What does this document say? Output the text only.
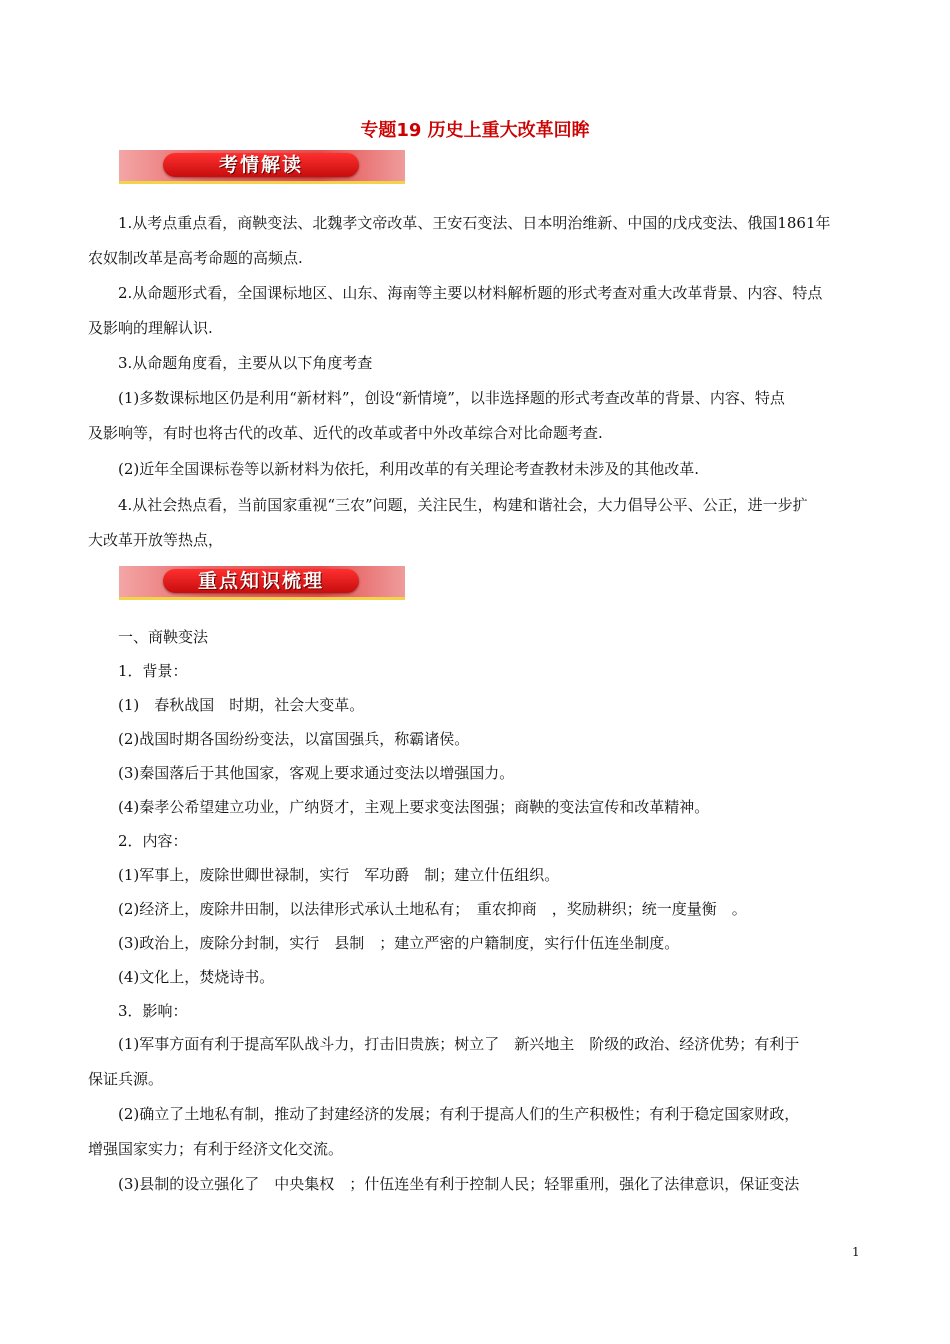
专题19 历史上重大改革回眸
考情解读
1.从考点重点看，商鞅变法、北魏孝文帝改革、王安石变法、日本明治维新、中国的戊戌变法、俄国1861年
农奴制改革是高考命题的高频点.
2.从命题形式看，全国课标地区、山东、海南等主要以材料解析题的形式考查对重大改革背景、内容、特点
及影响的理解认识.
3.从命题角度看，主要从以下角度考查
(1)多数课标地区仍是利用“新材料”，创设“新情境”，以非选择题的形式考查改革的背景、内容、特点
及影响等，有时也将古代的改革、近代的改革或者中外改革综合对比命题考查.
(2)近年全国课标卷等以新材料为依托，利用改革的有关理论考查教材未涉及的其他改革.
4.从社会热点看，当前国家重视“三农”问题，关注民生，构建和谐社会，大力倡导公平、公正，进一步扩
大改革开放等热点，
重点知识梳理
一、商鞅变法
1．背景：
(1)　春秋战国　时期，社会大变革。
(2)战国时期各国纷纷变法，以富国强兵，称霸诸侯。
(3)秦国落后于其他国家，客观上要求通过变法以增强国力。
(4)秦孝公希望建立功业，广纳贤才，主观上要求变法图强；商鞅的变法宣传和改革精神。
2．内容：
(1)军事上，废除世卿世禄制，实行　军功爵　制；建立什伍组织。
(2)经济上，废除井田制，以法律形式承认土地私有；　重农抑商　，奖励耕织；统一度量衡　。
(3)政治上，废除分封制，实行　县制　；建立严密的户籍制度，实行什伍连坐制度。
(4)文化上，焚烧诗书。
3．影响：
(1)军事方面有利于提高军队战斗力，打击旧贵族；树立了　新兴地主　阶级的政治、经济优势；有利于
保证兵源。
(2)确立了土地私有制，推动了封建经济的发展；有利于提高人们的生产积极性；有利于稳定国家财政，
增强国家实力；有利于经济文化交流。
(3)县制的设立强化了　中央集权　；什伍连坐有利于控制人民；轻罪重刑，强化了法律意识，保证变法
1
